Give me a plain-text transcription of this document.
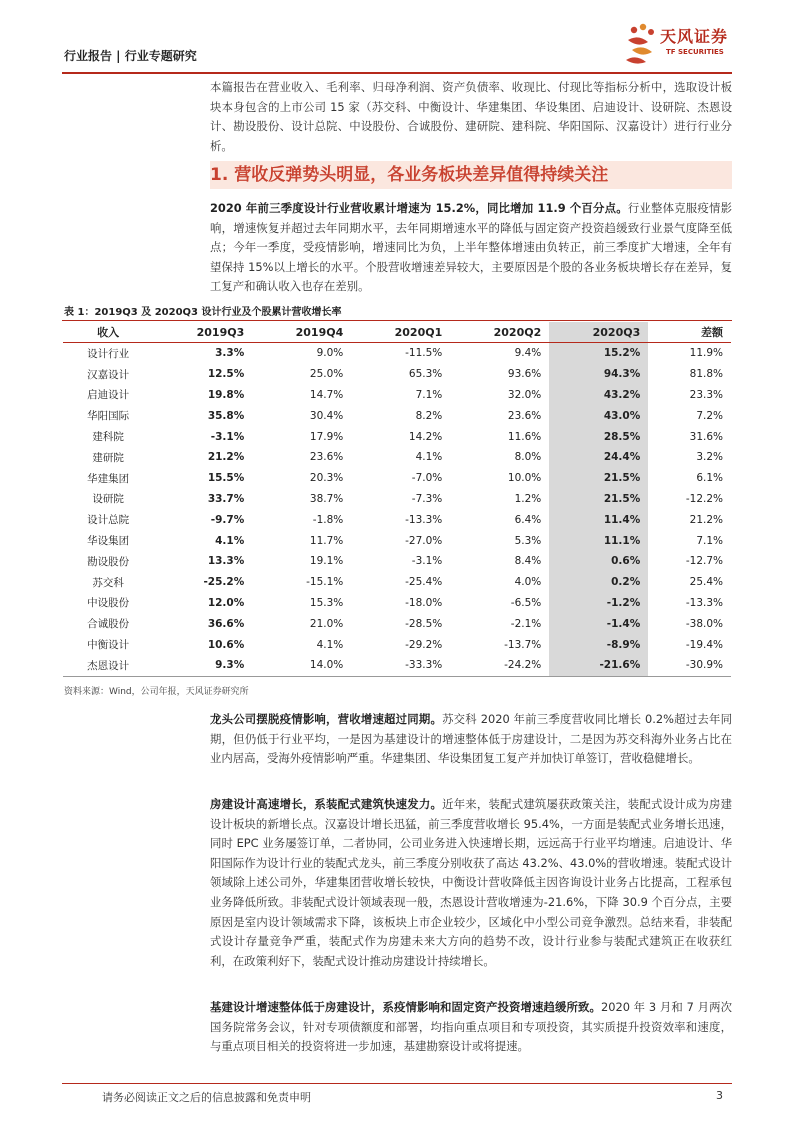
行业报告 | 行业专题研究
天风证券
TF SECURITIES

本篇报告在营业收入、毛利率、归母净利润、资产负债率、收现比、付现比等指标分析中，选取设计板块本身包含的上市公司 15 家（苏交科、中衡设计、华建集团、华设集团、启迪设计、设研院、杰恩设计、勘设股份、设计总院、中设股份、合诚股份、建研院、建科院、华阳国际、汉嘉设计）进行行业分析。

1. 营收反弹势头明显，各业务板块差异值得持续关注

2020 年前三季度设计行业营收累计增速为 15.2%，同比增加 11.9 个百分点。行业整体克服疫情影响，增速恢复并超过去年同期水平，去年同期增速水平的降低与固定资产投资趋缓致行业景气度降至低点；今年一季度，受疫情影响，增速同比为负，上半年整体增速由负转正，前三季度扩大增速，全年有望保持 15%以上增长的水平。个股营收增速差异较大，主要原因是个股的各业务板块增长存在差异，复工复产和确认收入也存在差别。

表 1：2019Q3 及 2020Q3 设计行业及个股累计营收增长率
收入	2019Q3	2019Q4	2020Q1	2020Q2	2020Q3	差额
设计行业	3.3%	9.0%	-11.5%	9.4%	15.2%	11.9%
汉嘉设计	12.5%	25.0%	65.3%	93.6%	94.3%	81.8%
启迪设计	19.8%	14.7%	7.1%	32.0%	43.2%	23.3%
华阳国际	35.8%	30.4%	8.2%	23.6%	43.0%	7.2%
建科院	-3.1%	17.9%	14.2%	11.6%	28.5%	31.6%
建研院	21.2%	23.6%	4.1%	8.0%	24.4%	3.2%
华建集团	15.5%	20.3%	-7.0%	10.0%	21.5%	6.1%
设研院	33.7%	38.7%	-7.3%	1.2%	21.5%	-12.2%
设计总院	-9.7%	-1.8%	-13.3%	6.4%	11.4%	21.2%
华设集团	4.1%	11.7%	-27.0%	5.3%	11.1%	7.1%
勘设股份	13.3%	19.1%	-3.1%	8.4%	0.6%	-12.7%
苏交科	-25.2%	-15.1%	-25.4%	4.0%	0.2%	25.4%
中设股份	12.0%	15.3%	-18.0%	-6.5%	-1.2%	-13.3%
合诚股份	36.6%	21.0%	-28.5%	-2.1%	-1.4%	-38.0%
中衡设计	10.6%	4.1%	-29.2%	-13.7%	-8.9%	-19.4%
杰恩设计	9.3%	14.0%	-33.3%	-24.2%	-21.6%	-30.9%
资料来源：Wind，公司年报，天风证券研究所

龙头公司摆脱疫情影响，营收增速超过同期。苏交科 2020 年前三季度营收同比增长 0.2%超过去年同期，但仍低于行业平均，一是因为基建设计的增速整体低于房建设计，二是因为苏交科海外业务占比在业内居高，受海外疫情影响严重。华建集团、华设集团复工复产并加快订单签订，营收稳健增长。

房建设计高速增长，系装配式建筑快速发力。近年来，装配式建筑屡获政策关注，装配式设计成为房建设计板块的新增长点。汉嘉设计增长迅猛，前三季度营收增长 95.4%，一方面是装配式业务增长迅速，同时 EPC 业务屡签订单，二者协同，公司业务进入快速增长期，远远高于行业平均增速。启迪设计、华阳国际作为设计行业的装配式龙头，前三季度分别收获了高达 43.2%、43.0%的营收增速。装配式设计领域除上述公司外，华建集团营收增长较快，中衡设计营收降低主因咨询设计业务占比提高，工程承包业务降低所致。非装配式设计领域表现一般，杰恩设计营收增速为-21.6%，下降 30.9 个百分点，主要原因是室内设计领域需求下降，该板块上市企业较少，区域化中小型公司竞争激烈。总结来看，非装配式设计存量竞争严重，装配式作为房建未来大方向的趋势不改，设计行业参与装配式建筑正在收获红利，在政策利好下，装配式设计推动房建设计持续增长。

基建设计增速整体低于房建设计，系疫情影响和固定资产投资增速趋缓所致。2020 年 3 月和 7 月两次国务院常务会议，针对专项债额度和部署，均指向重点项目和专项投资，其实质提升投资效率和速度，与重点项目相关的投资将进一步加速，基建勘察设计或将提速。

请务必阅读正文之后的信息披露和免责申明	3
